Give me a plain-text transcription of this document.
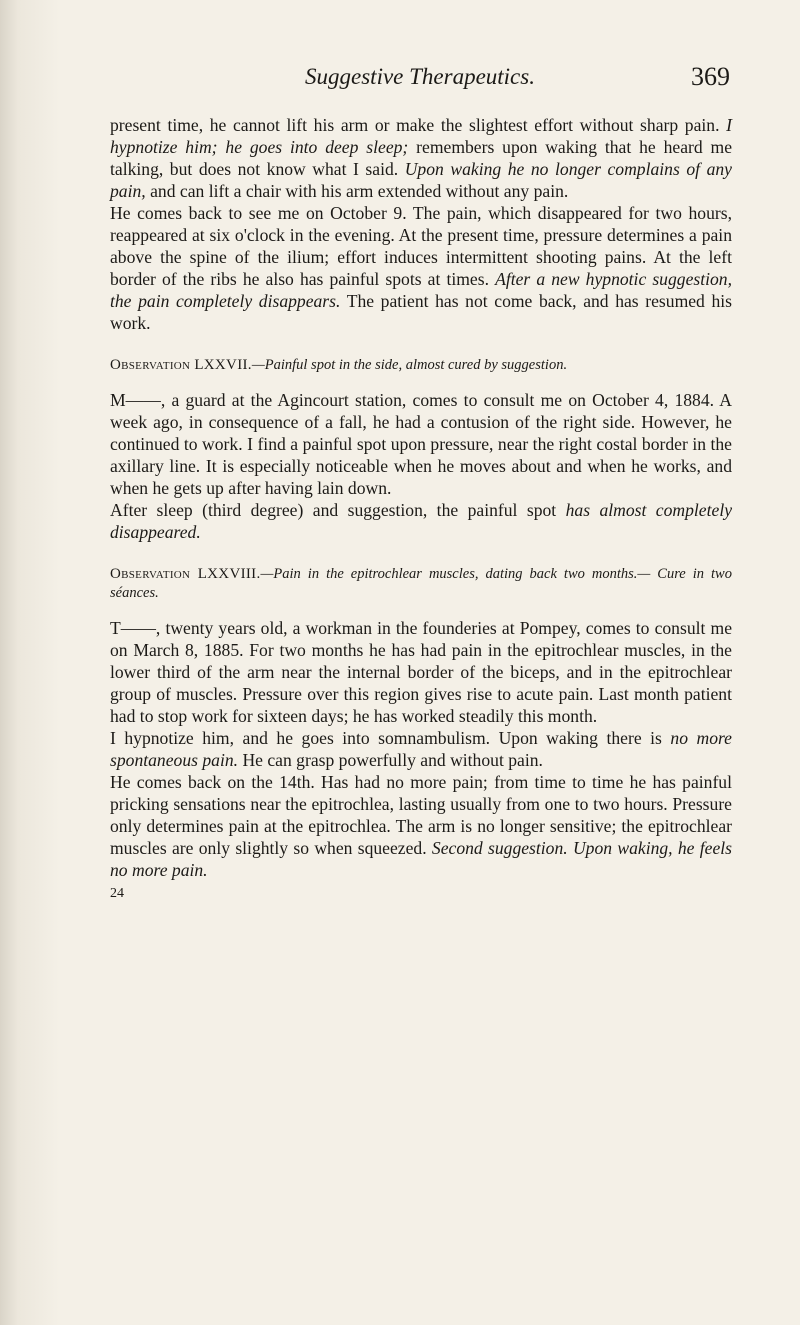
Suggestive Therapeutics.	369

present time, he cannot lift his arm or make the slightest effort without sharp pain. I hypnotize him; he goes into deep sleep; remembers upon waking that he heard me talking, but does not know what I said. Upon waking he no longer complains of any pain, and can lift a chair with his arm extended without any pain.

He comes back to see me on October 9. The pain, which disappeared for two hours, reappeared at six o'clock in the evening. At the present time, pressure determines a pain above the spine of the ilium; effort induces intermittent shooting pains. At the left border of the ribs he also has painful spots at times. After a new hypnotic suggestion, the pain completely disappears. The patient has not come back, and has resumed his work.

Observation LXXVII.—Painful spot in the side, almost cured by suggestion.

M——, a guard at the Agincourt station, comes to consult me on October 4, 1884. A week ago, in consequence of a fall, he had a contusion of the right side. However, he continued to work. I find a painful spot upon pressure, near the right costal border in the axillary line. It is especially noticeable when he moves about and when he works, and when he gets up after having lain down.

After sleep (third degree) and suggestion, the painful spot has almost completely disappeared.

Observation LXXVIII.—Pain in the epitrochlear muscles, dating back two months.— Cure in two séances.

T——, twenty years old, a workman in the founderies at Pompey, comes to consult me on March 8, 1885. For two months he has had pain in the epitrochlear muscles, in the lower third of the arm near the internal border of the biceps, and in the epitrochlear group of muscles. Pressure over this region gives rise to acute pain. Last month patient had to stop work for sixteen days; he has worked steadily this month.

I hypnotize him, and he goes into somnambulism. Upon waking there is no more spontaneous pain. He can grasp powerfully and without pain.

He comes back on the 14th. Has had no more pain; from time to time he has painful pricking sensations near the epitrochlea, lasting usually from one to two hours. Pressure only determines pain at the epitrochlea. The arm is no longer sensitive; the epitrochlear muscles are only slightly so when squeezed. Second suggestion. Upon waking, he feels no more pain.

24
